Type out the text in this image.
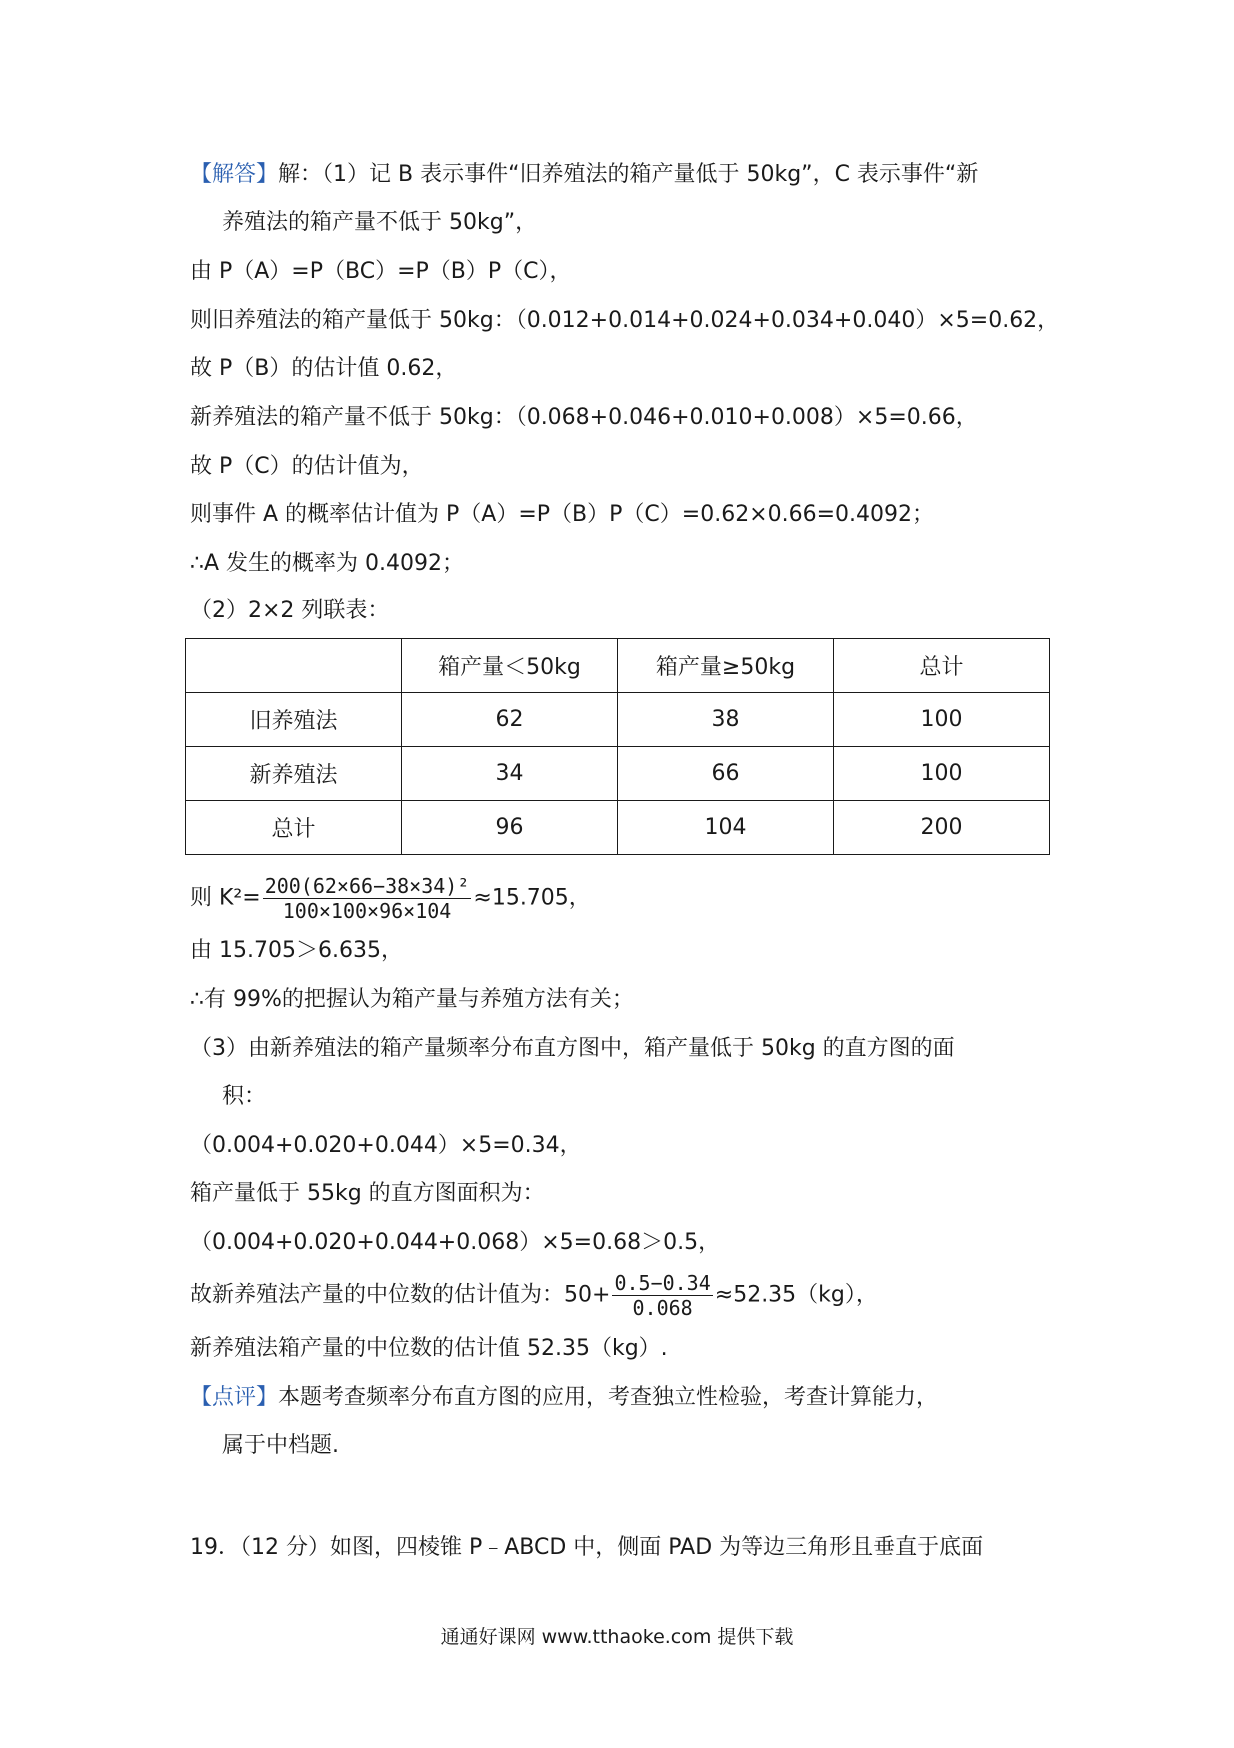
【解答】解：（1）记 B 表示事件“旧养殖法的箱产量低于 50kg”，C 表示事件“新
养殖法的箱产量不低于 50kg”，
由 P（A）=P（BC）=P（B）P（C），
则旧养殖法的箱产量低于 50kg：（0.012+0.014+0.024+0.034+0.040）×5=0.62，
故 P（B）的估计值 0.62，
新养殖法的箱产量不低于 50kg：（0.068+0.046+0.010+0.008）×5=0.66，
故 P（C）的估计值为，
则事件 A 的概率估计值为 P（A）=P（B）P（C）=0.62×0.66=0.4092；
∴A 发生的概率为 0.4092；
（2）2×2 列联表：
	箱产量＜50kg	箱产量≥50kg	总计
旧养殖法	62	38	100
新养殖法	34	66	100
总计	96	104	200
则 $K^2= \frac{\text{200(62×66−38×34)²}}{100\times 100\times 96\times 104} \approx 15.705$，
由 15.705＞6.635，
∴有 99%的把握认为箱产量与养殖方法有关；
（3）由新养殖法的箱产量频率分布直方图中，箱产量低于 50kg 的直方图的面
积：
（0.004+0.020+0.044）×5=0.34，
箱产量低于 55kg 的直方图面积为：
（0.004+0.020+0.044+0.068）×5=0.68＞0.5，
故新养殖法产量的中位数的估计值为：$50+ \frac{0.5-0.34}{0.068} \approx 52.35(kg)$，
新养殖法箱产量的中位数的估计值 52.35（kg）.
【点评】本题考查频率分布直方图的应用，考查独立性检验，考查计算能力，
属于中档题.
19．（12 分）如图，四棱锥 P﹣ABCD 中，侧面 PAD 为等边三角形且垂直于底面
通通好课网 www.tthaoke.com 提供下载
